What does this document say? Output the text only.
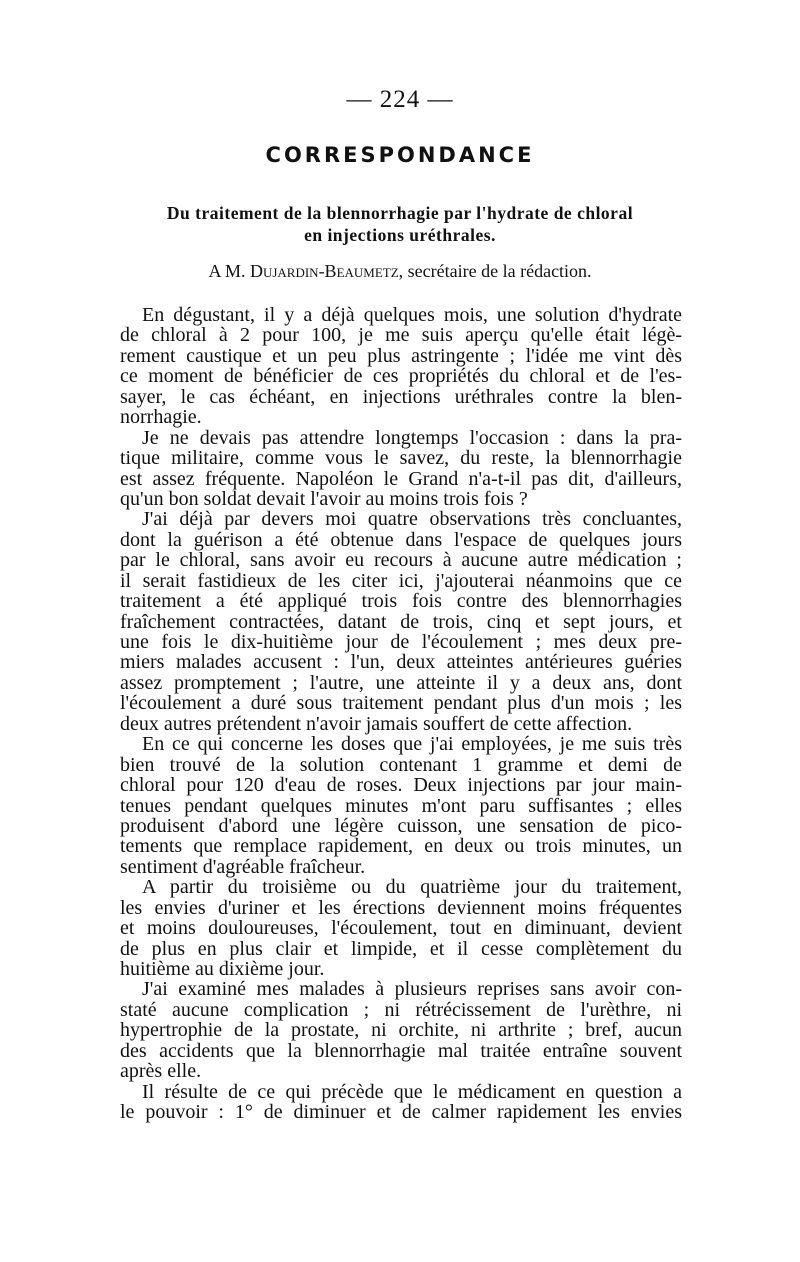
— 224 —
CORRESPONDANCE
Du traitement de la blennorrhagie par l'hydrate de chloral
en injections uréthrales.
A M. Dujardin-Beaumetz, secrétaire de la rédaction.
En dégustant, il y a déjà quelques mois, une solution d'hydrate
de chloral à 2 pour 100, je me suis aperçu qu'elle était légè-
rement caustique et un peu plus astringente ; l'idée me vint dès
ce moment de bénéficier de ces propriétés du chloral et de l'es-
sayer, le cas échéant, en injections uréthrales contre la blen-
norrhagie.
Je ne devais pas attendre longtemps l'occasion : dans la pra-
tique militaire, comme vous le savez, du reste, la blennorrhagie
est assez fréquente. Napoléon le Grand n'a-t-il pas dit, d'ailleurs,
qu'un bon soldat devait l'avoir au moins trois fois ?
J'ai déjà par devers moi quatre observations très concluantes,
dont la guérison a été obtenue dans l'espace de quelques jours
par le chloral, sans avoir eu recours à aucune autre médication ;
il serait fastidieux de les citer ici, j'ajouterai néanmoins que ce
traitement a été appliqué trois fois contre des blennorrhagies
fraîchement contractées, datant de trois, cinq et sept jours, et
une fois le dix-huitième jour de l'écoulement ; mes deux pre-
miers malades accusent : l'un, deux atteintes antérieures guéries
assez promptement ; l'autre, une atteinte il y a deux ans, dont
l'écoulement a duré sous traitement pendant plus d'un mois ; les
deux autres prétendent n'avoir jamais souffert de cette affection.
En ce qui concerne les doses que j'ai employées, je me suis très
bien trouvé de la solution contenant 1 gramme et demi de
chloral pour 120 d'eau de roses. Deux injections par jour main-
tenues pendant quelques minutes m'ont paru suffisantes ; elles
produisent d'abord une légère cuisson, une sensation de pico-
tements que remplace rapidement, en deux ou trois minutes, un
sentiment d'agréable fraîcheur.
A partir du troisième ou du quatrième jour du traitement,
les envies d'uriner et les érections deviennent moins fréquentes
et moins douloureuses, l'écoulement, tout en diminuant, devient
de plus en plus clair et limpide, et il cesse complètement du
huitième au dixième jour.
J'ai examiné mes malades à plusieurs reprises sans avoir con-
staté aucune complication ; ni rétrécissement de l'urèthre, ni
hypertrophie de la prostate, ni orchite, ni arthrite ; bref, aucun
des accidents que la blennorrhagie mal traitée entraîne souvent
après elle.
Il résulte de ce qui précède que le médicament en question a
le pouvoir : 1° de diminuer et de calmer rapidement les envies
